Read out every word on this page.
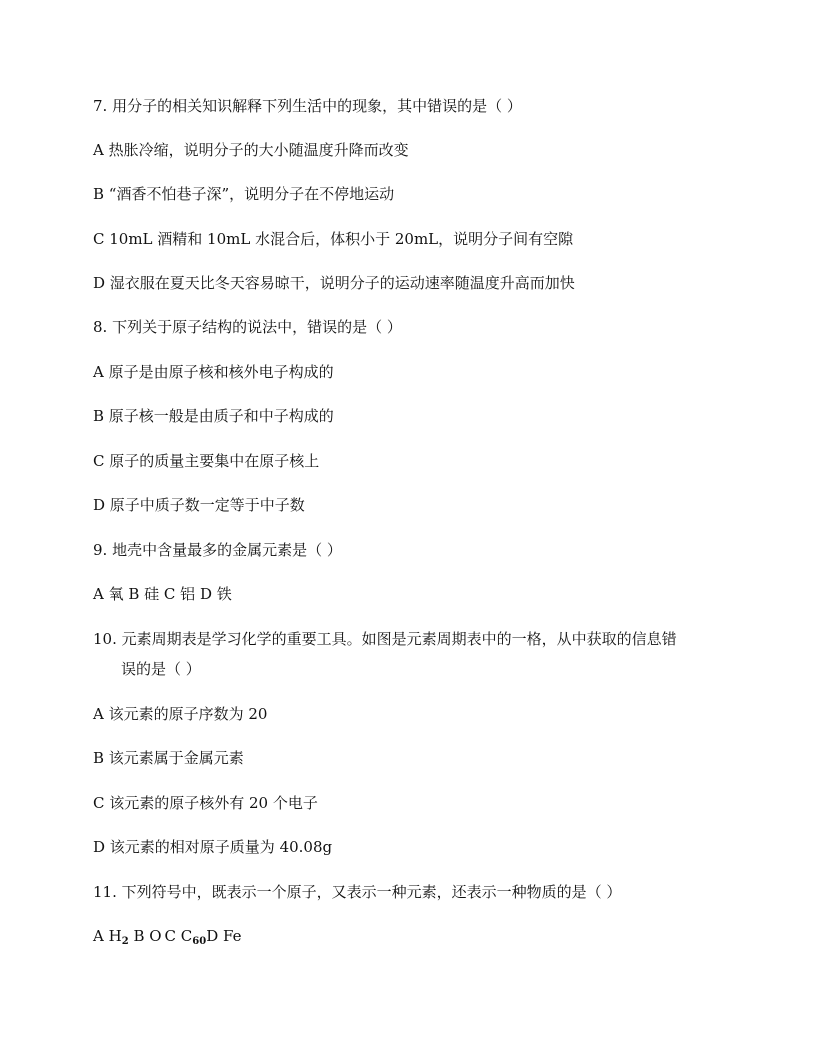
7. 用分子的相关知识解释下列生活中的现象，其中错误的是（ ）
A 热胀冷缩，说明分子的大小随温度升降而改变
B “酒香不怕巷子深”，说明分子在不停地运动
C 10mL 酒精和 10mL 水混合后，体积小于 20mL，说明分子间有空隙
D 湿衣服在夏天比冬天容易晾干，说明分子的运动速率随温度升高而加快
8. 下列关于原子结构的说法中，错误的是（ ）
A 原子是由原子核和核外电子构成的
B 原子核一般是由质子和中子构成的
C 原子的质量主要集中在原子核上
D 原子中质子数一定等于中子数
9. 地壳中含量最多的金属元素是（ ）
A 氧 B 硅 C 铝 D 铁
10. 元素周期表是学习化学的重要工具。如图是元素周期表中的一格，从中获取的信息错
误的是（ ）
A 该元素的原子序数为 20
B 该元素属于金属元素
C 该元素的原子核外有 20 个电子
D 该元素的相对原子质量为 40.08g
11. 下列符号中，既表示一个原子，又表示一种元素，还表示一种物质的是（ ）
A $H_2$ B O C $C_{60}D$ Fe
